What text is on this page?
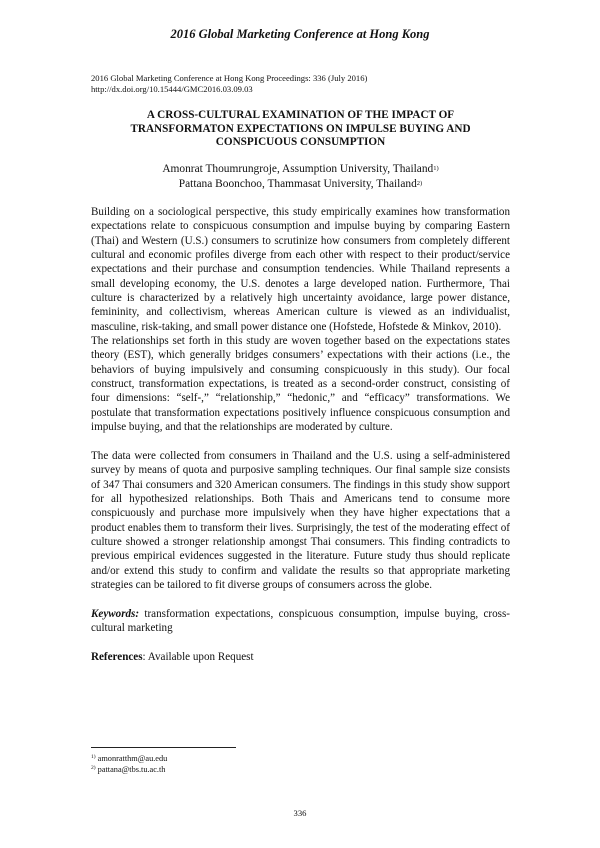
2016 Global Marketing Conference at Hong Kong
2016 Global Marketing Conference at Hong Kong Proceedings: 336 (July 2016)
http://dx.doi.org/10.15444/GMC2016.03.09.03
A CROSS-CULTURAL EXAMINATION OF THE IMPACT OF
TRANSFORMATON EXPECTATIONS ON IMPULSE BUYING AND
CONSPICUOUS CONSUMPTION
Amonrat Thoumrungroje, Assumption University, Thailand$^{1)}$
Pattana Boonchoo, Thammasat University, Thailand$^{2)}$

Building on a sociological perspective, this study empirically examines how transformation expectations relate to conspicuous consumption and impulse buying by comparing Eastern (Thai) and Western (U.S.) consumers to scrutinize how consumers from completely different cultural and economic profiles diverge from each other with respect to their product/service expectations and their purchase and consumption tendencies. While Thailand represents a small developing economy, the U.S. denotes a large developed nation. Furthermore, Thai culture is characterized by a relatively high uncertainty avoidance, large power distance, femininity, and collectivism, whereas American culture is viewed as an individualist, masculine, risk-taking, and small power distance one (Hofstede, Hofstede & Minkov, 2010).

The relationships set forth in this study are woven together based on the expectations states theory (EST), which generally bridges consumers’ expectations with their actions (i.e., the behaviors of buying impulsively and consuming conspicuously in this study). Our focal construct, transformation expectations, is treated as a second-order construct, consisting of four dimensions: “self-,” “relationship,” “hedonic,” and “efficacy” transformations. We postulate that transformation expectations positively influence conspicuous consumption and impulse buying, and that the relationships are moderated by culture.

The data were collected from consumers in Thailand and the U.S. using a self-administered survey by means of quota and purposive sampling techniques. Our final sample size consists of 347 Thai consumers and 320 American consumers. The findings in this study show support for all hypothesized relationships. Both Thais and Americans tend to consume more conspicuously and purchase more impulsively when they have higher expectations that a product enables them to transform their lives. Surprisingly, the test of the moderating effect of culture showed a stronger relationship amongst Thai consumers. This finding contradicts to previous empirical evidences suggested in the literature. Future study thus should replicate and/or extend this study to confirm and validate the results so that appropriate marketing strategies can be tailored to fit diverse groups of consumers across the globe.

Keywords: transformation expectations, conspicuous consumption, impulse buying, cross-cultural marketing

References: Available upon Request

$^{1)}$ amonratthm@au.edu
$^{2)}$ pattana@tbs.tu.ac.th
336
